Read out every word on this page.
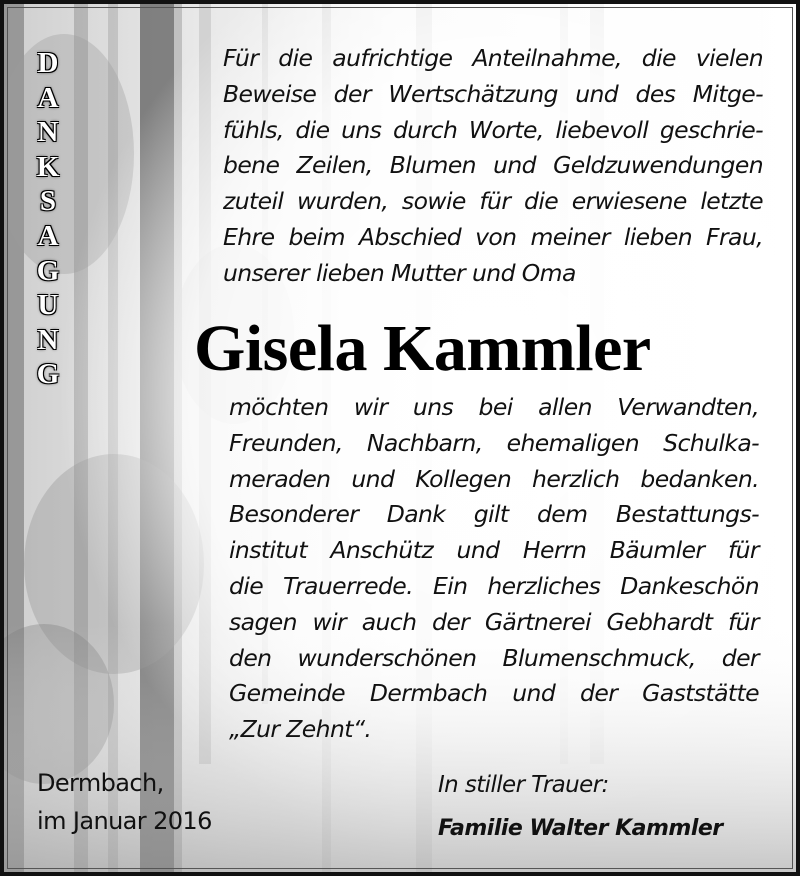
D
A
N
K
S
A
G
U
N
G
Für die aufrichtige Anteilnahme, die vielen
Beweise der Wertschätzung und des Mitge-
fühls, die uns durch Worte, liebevoll geschrie-
bene Zeilen, Blumen und Geldzuwendungen
zuteil wurden, sowie für die erwiesene letzte
Ehre beim Abschied von meiner lieben Frau,
unserer lieben Mutter und Oma
Gisela Kammler
möchten wir uns bei allen Verwandten,
Freunden, Nachbarn, ehemaligen Schulka-
meraden und Kollegen herzlich bedanken.
Besonderer Dank gilt dem Bestattungs-
institut Anschütz und Herrn Bäumler für
die Trauerrede. Ein herzliches Dankeschön
sagen wir auch der Gärtnerei Gebhardt für
den wunderschönen Blumenschmuck, der
Gemeinde Dermbach und der Gaststätte
„Zur Zehnt“.
Dermbach,
im Januar 2016
In stiller Trauer:
Familie Walter Kammler
